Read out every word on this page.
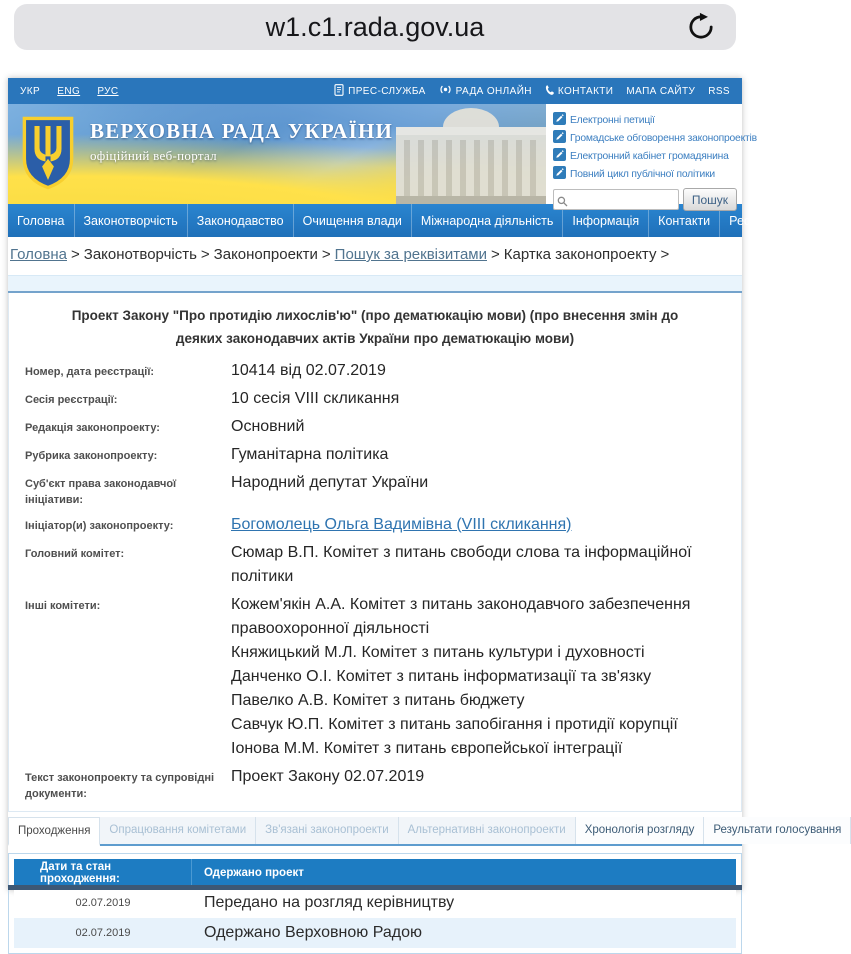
w1.c1.rada.gov.ua
УКР ENG РУС	ПРЕС-СЛУЖБА	РАДА ОНЛАЙН	КОНТАКТИ МАПА САЙТУ RSS
ВЕРХОВНА РАДА УКРАЇНИ
офіційний веб-портал
Електронні петиції
Громадське обговорення законопроектів
Електронний кабінет громадянина
Повний цикл публічної політики
Пошук
Головна	Законотворчість	Законодавство	Очищення влади	Міжнародна діяльність	Інформація	Контакти	Ресурси	Новини
Головна > Законотворчість > Законопроекти > Пошук за реквізитами > Картка законопроекту >
Проект Закону "Про протидію лихослів'ю" (про дематюкацію мови) (про внесення змін до деяких законодавчих актів України про дематюкацію мови)
Номер, дата реєстрації:	10414 від 02.07.2019
Сесія реєстрації:	10 сесія VIII скликання
Редакція законопроекту:	Основний
Рубрика законопроекту:	Гуманітарна політика
Суб'єкт права законодавчої ініціативи:
Народний депутат України
Ініціатор(и) законопроекту:	Богомолець Ольга Вадимівна (VIII скликання)
Головний комітет:	Сюмар В.П. Комітет з питань свободи слова та інформаційної політики
Інші комітети:	Кожем'якін А.А. Комітет з питань законодавчого забезпечення правоохоронної діяльності
Княжицький М.Л. Комітет з питань культури і духовності
Данченко О.І. Комітет з питань інформатизації та зв'язку
Павелко А.В. Комітет з питань бюджету
Савчук Ю.П. Комітет з питань запобігання і протидії корупції
Іонова М.М. Комітет з питань європейської інтеграції
Текст законопроекту та супровідні документи:
Проект Закону 02.07.2019
Проходження	Опрацювання комітетами	Зв'язані законопроекти	Альтернативні законопроекти	Хронологія розгляду	Результати голосування
Дати та стан проходження:	Одержано проект
02.07.2019	Передано на розгляд керівництву
02.07.2019	Одержано Верховною Радою
